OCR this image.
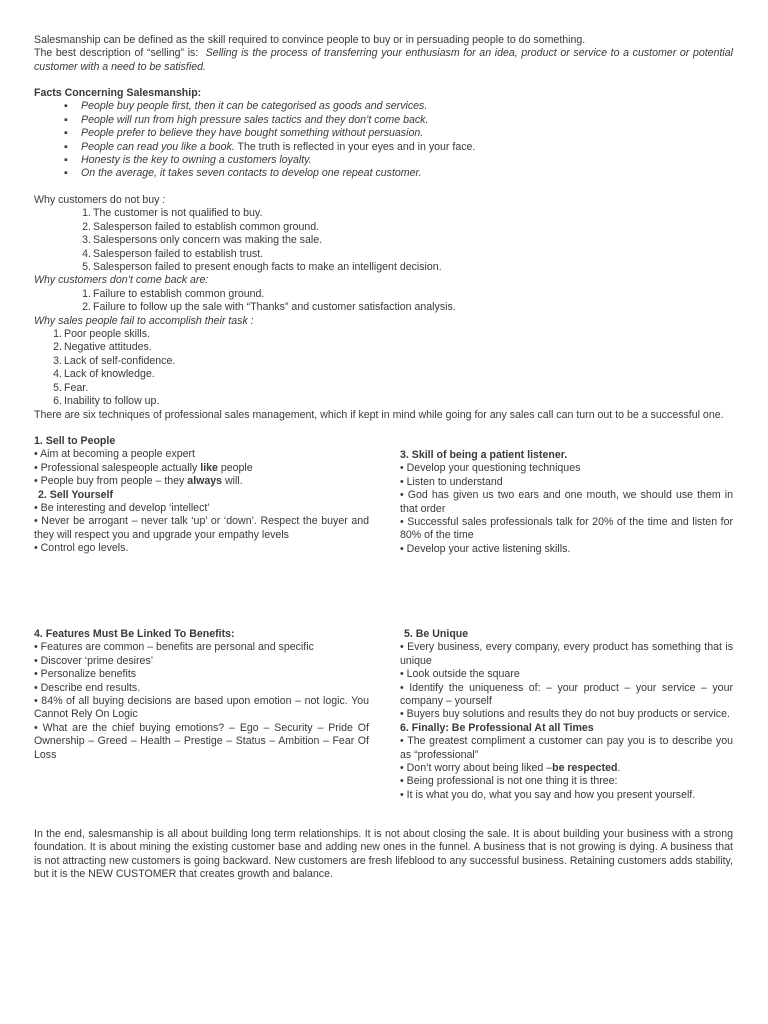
Salesmanship can be defined as the skill required to convince people to buy or in persuading people to do something.

The best description of “selling” is: Selling is the process of transferring your enthusiasm for an idea, product or service to a customer or potential customer with a need to be satisfied.

Facts Concerning Salesmanship:

▪ People buy people first, then it can be categorised as goods and services.
▪ People will run from high pressure sales tactics and they don’t come back.
▪ People prefer to believe they have bought something without persuasion.
▪ People can read you like a book. The truth is reflected in your eyes and in your face.
▪ Honesty is the key to owning a customers loyalty.
▪ On the average, it takes seven contacts to develop one repeat customer.

Why customers do not buy :

1. The customer is not qualified to buy.
2. Salesperson failed to establish common ground.
3. Salespersons only concern was making the sale.
4. Salesperson failed to establish trust.
5. Salesperson failed to present enough facts to make an intelligent decision.

Why customers don’t come back are:

1. Failure to establish common ground.
2. Failure to follow up the sale with “Thanks” and customer satisfaction analysis.

Why sales people fail to accomplish their task :

1. Poor people skills.
2. Negative attitudes.
3. Lack of self-confidence.
4. Lack of knowledge.
5. Fear.
6. Inability to follow up.

There are six techniques of professional sales management, which if kept in mind while going for any sales call can turn out to be a successful one.

1. Sell to People

• Aim at becoming a people expert

• Professional salespeople actually like people

• People buy from people – they always will.

2. Sell Yourself

• Be interesting and develop ‘intellect’

• Never be arrogant – never talk ‘up’ or ‘down’. Respect the buyer and they will respect you and upgrade your empathy levels

• Control ego levels.

3. Skill of being a patient listener.

• Develop your questioning techniques

• Listen to understand

• God has given us two ears and one mouth, we should use them in that order

• Successful sales professionals talk for 20% of the time and listen for 80% of the time

• Develop your active listening skills.

4. Features Must Be Linked To Benefits:

• Features are common – benefits are personal and specific

• Discover ‘prime desires’

• Personalize benefits

• Describe end results.

• 84% of all buying decisions are based upon emotion – not logic. You Cannot Rely On Logic

• What are the chief buying emotions? – Ego – Security – Pride Of Ownership – Greed – Health – Prestige – Status – Ambition – Fear Of Loss

5. Be Unique

• Every business, every company, every product has something that is unique

• Look outside the square

• Identify the uniqueness of: – your product – your service – your company – yourself

• Buyers buy solutions and results they do not buy products or service.

6. Finally: Be Professional At all Times

• The greatest compliment a customer can pay you is to describe you as “professional”

• Don’t worry about being liked –be respected.

• Being professional is not one thing it is three:

• It is what you do, what you say and how you present yourself.

In the end, salesmanship is all about building long term relationships. It is not about closing the sale. It is about building your business with a strong foundation. It is about mining the existing customer base and adding new ones in the funnel. A business that is not growing is dying. A business that is not attracting new customers is going backward. New customers are fresh lifeblood to any successful business. Retaining customers adds stability, but it is the NEW CUSTOMER that creates growth and balance.
